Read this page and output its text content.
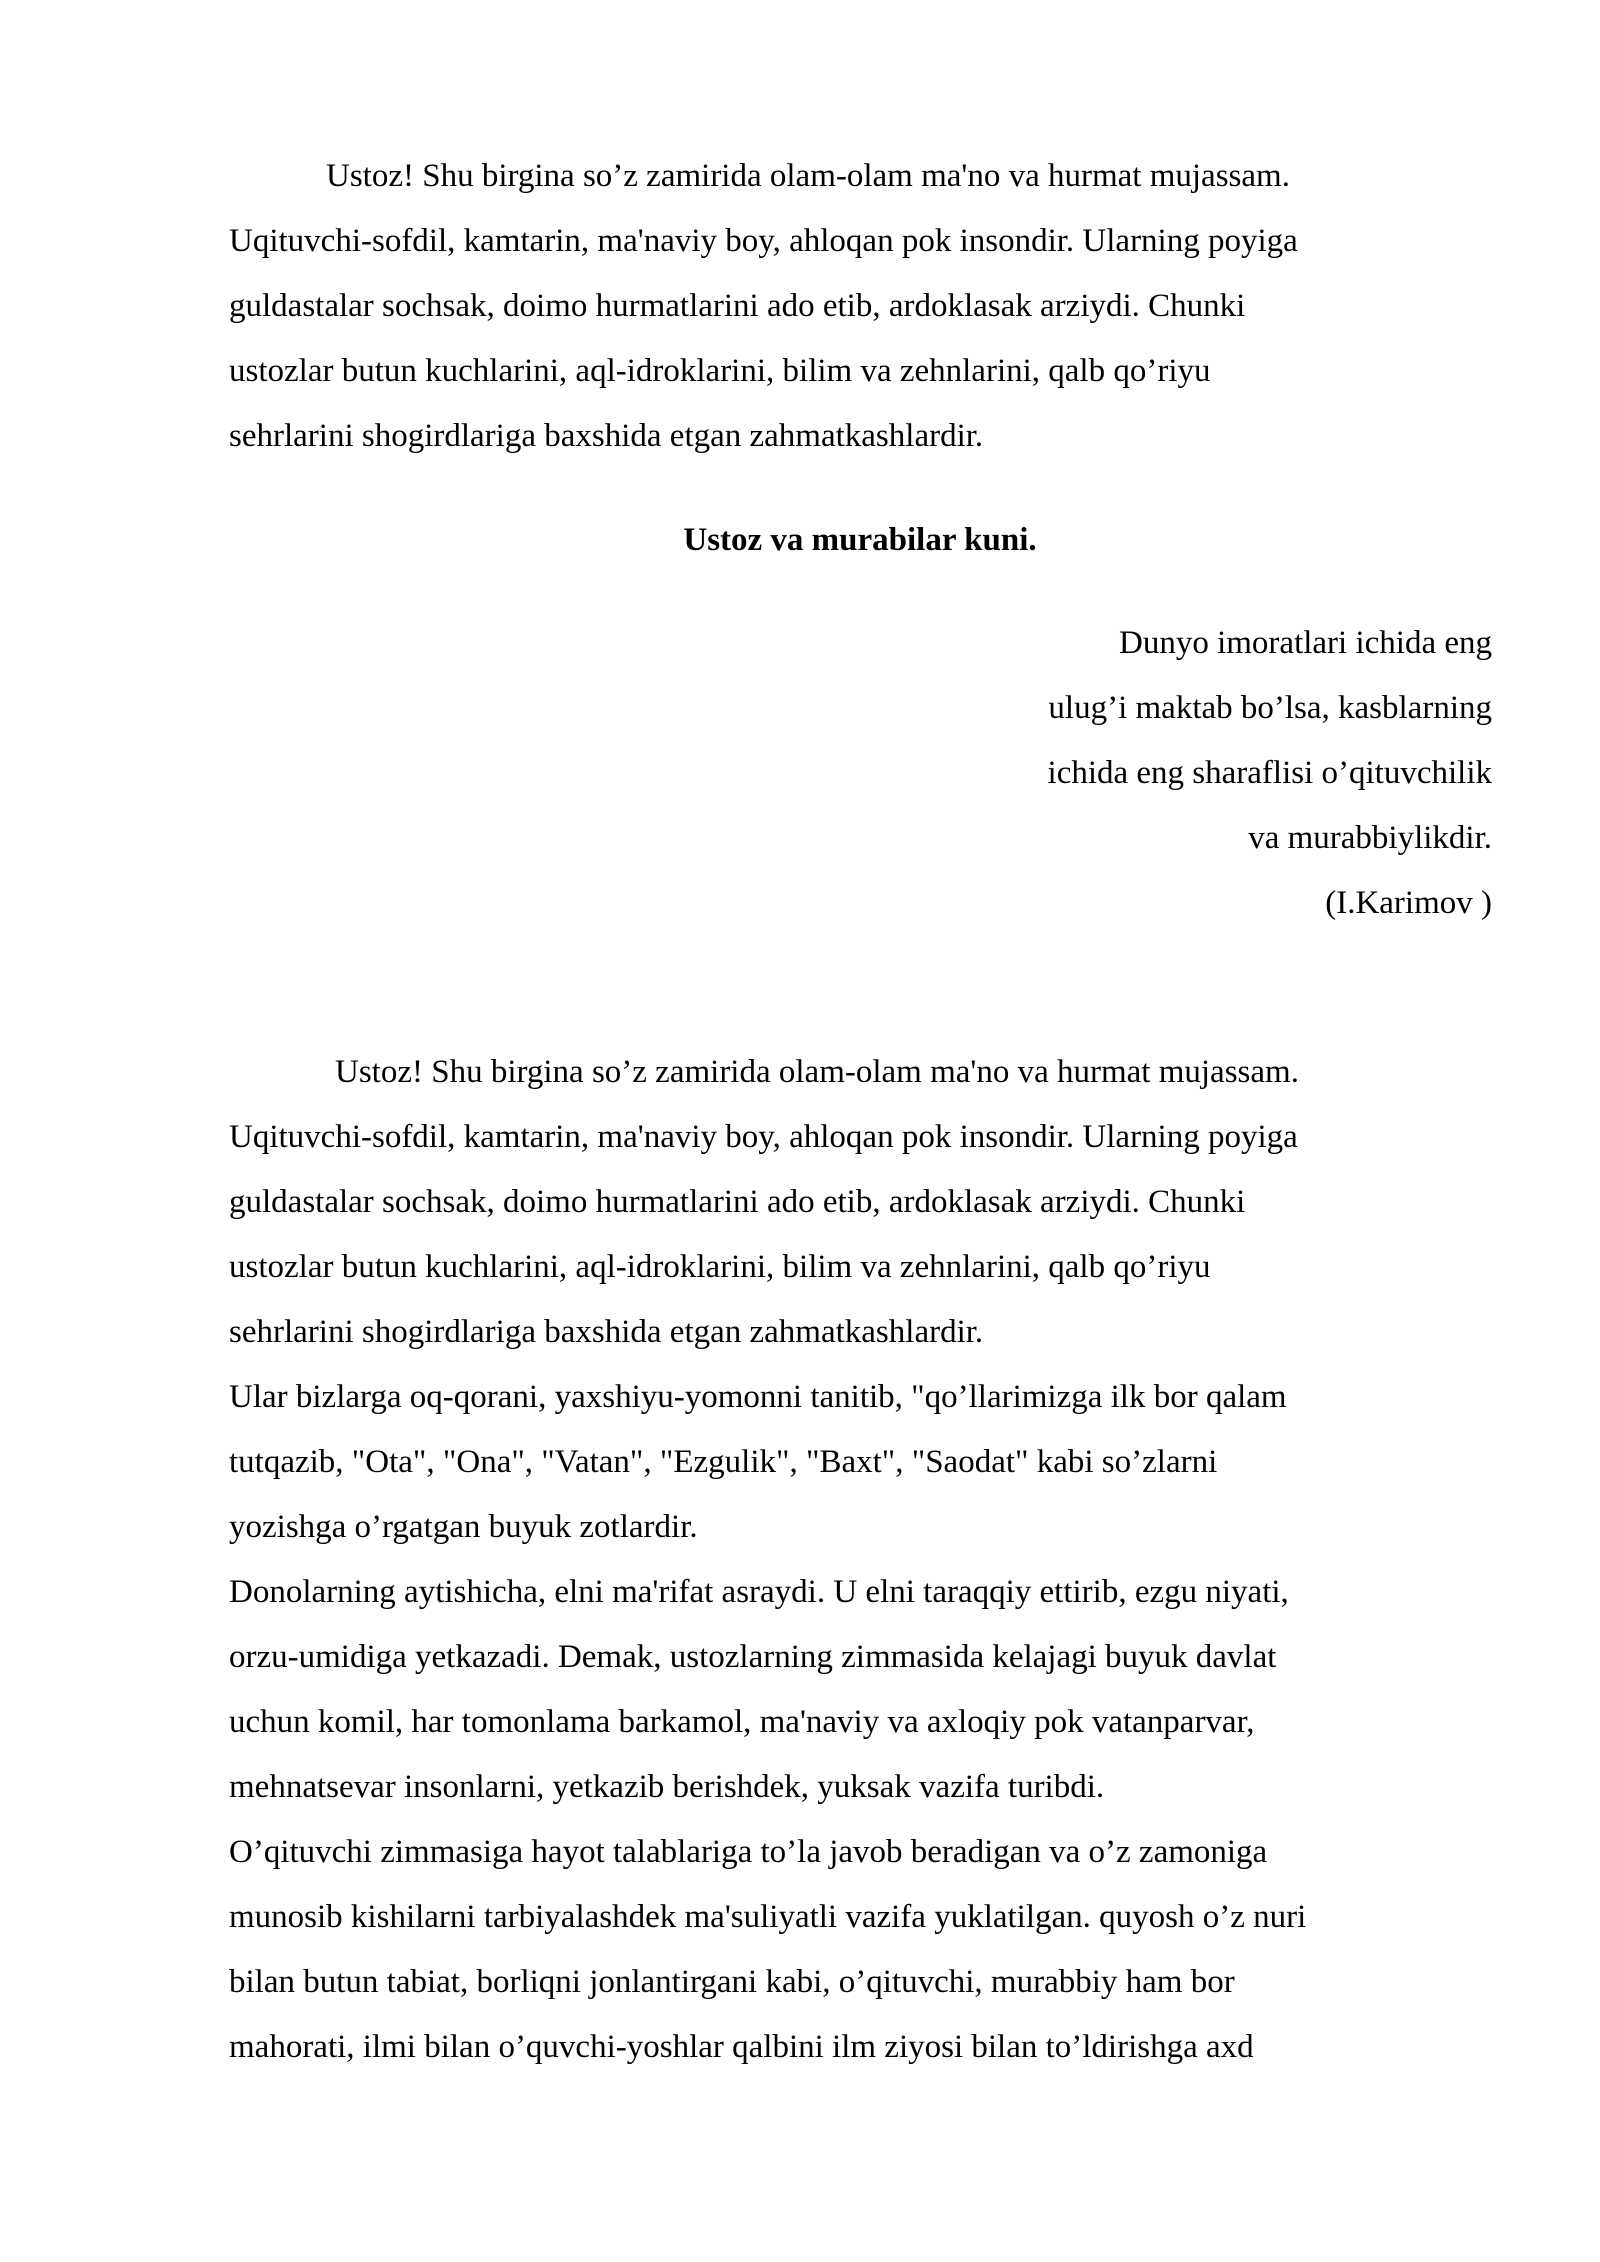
Ustoz! Shu birgina so’z zamirida olam-olam ma'no va hurmat mujassam.
Uqituvchi-sofdil, kamtarin, ma'naviy boy, ahloqan pok insondir. Ularning poyiga
guldastalar sochsak, doimo hurmatlarini ado etib, ardoklasak arziydi. Chunki
ustozlar butun kuchlarini, aql-idroklarini, bilim va zehnlarini, qalb qo’riyu
sehrlarini shogirdlariga baxshida etgan zahmatkashlardir.
Ustoz va murabilar kuni.
Dunyo imoratlari ichida eng
ulug’i maktab bo’lsa, kasblarning
ichida eng sharaflisi o’qituvchilik
va murabbiylikdir.
(I.Karimov )
Ustoz! Shu birgina so’z zamirida olam-olam ma'no va hurmat mujassam.
Uqituvchi-sofdil, kamtarin, ma'naviy boy, ahloqan pok insondir. Ularning poyiga
guldastalar sochsak, doimo hurmatlarini ado etib, ardoklasak arziydi. Chunki
ustozlar butun kuchlarini, aql-idroklarini, bilim va zehnlarini, qalb qo’riyu
sehrlarini shogirdlariga baxshida etgan zahmatkashlardir.
Ular bizlarga oq-qorani, yaxshiyu-yomonni tanitib, "qo’llarimizga ilk bor qalam
tutqazib, "Ota", "Ona", "Vatan", "Ezgulik", "Baxt", "Saodat" kabi so’zlarni
yozishga o’rgatgan buyuk zotlardir.
Donolarning aytishicha, elni ma'rifat asraydi. U elni taraqqiy ettirib, ezgu niyati,
orzu-umidiga yetkazadi. Demak, ustozlarning zimmasida kelajagi buyuk davlat
uchun komil, har tomonlama barkamol, ma'naviy va axloqiy pok vatanparvar,
mehnatsevar insonlarni, yetkazib berishdek, yuksak vazifa turibdi.
O’qituvchi zimmasiga hayot talablariga to’la javob beradigan va o’z zamoniga
munosib kishilarni tarbiyalashdek ma'suliyatli vazifa yuklatilgan. quyosh o’z nuri
bilan butun tabiat, borliqni jonlantirgani kabi, o’qituvchi, murabbiy ham bor
mahorati, ilmi bilan o’quvchi-yoshlar qalbini ilm ziyosi bilan to’ldirishga axd
